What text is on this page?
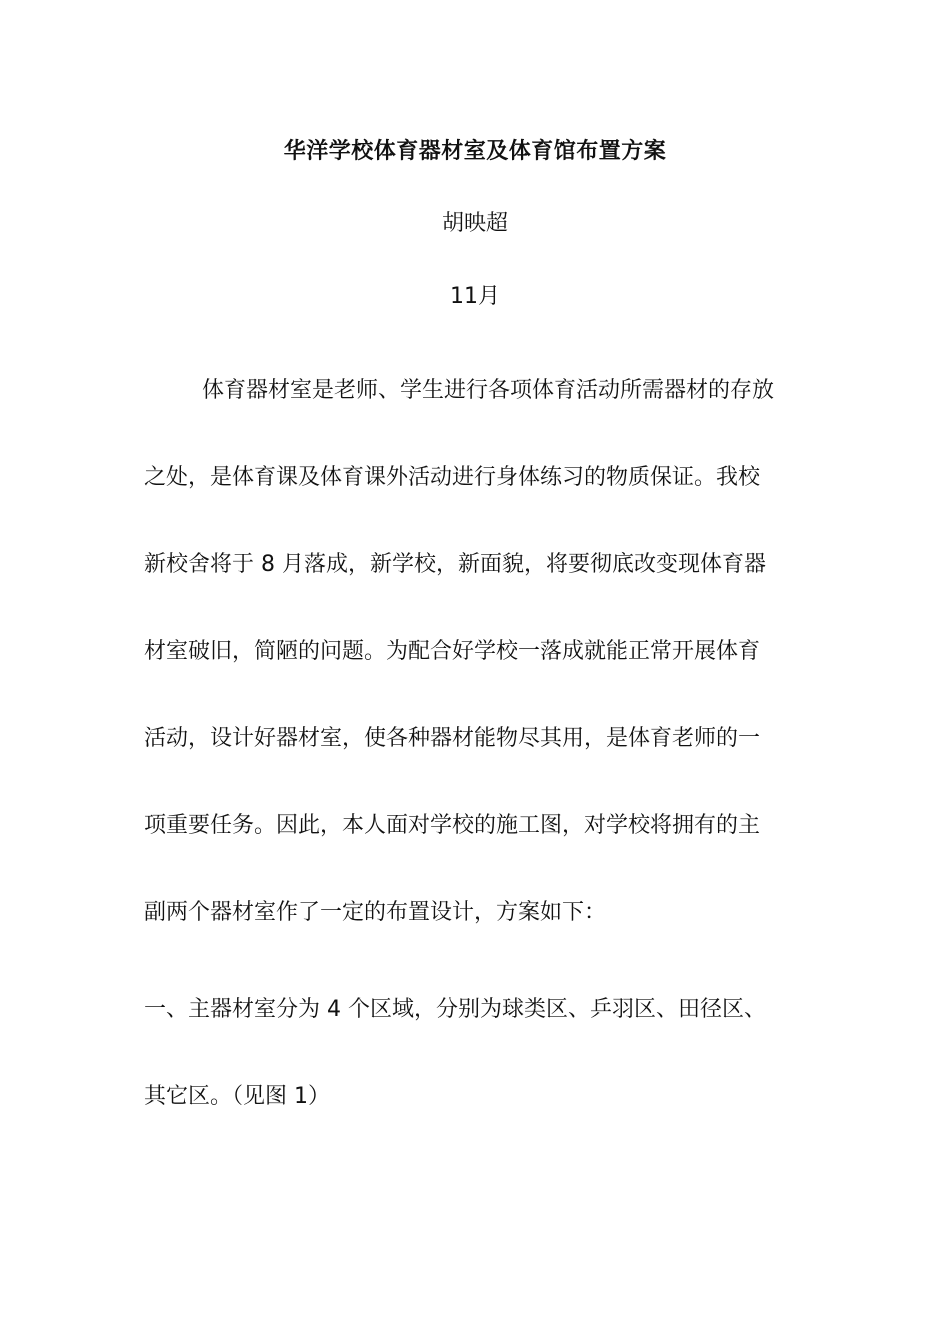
华洋学校体育器材室及体育馆布置方案
胡映超
11月
体育器材室是老师、学生进行各项体育活动所需器材的存放
之处，是体育课及体育课外活动进行身体练习的物质保证。我校
新校舍将于 8 月落成，新学校，新面貌，将要彻底改变现体育器
材室破旧，简陋的问题。为配合好学校一落成就能正常开展体育
活动，设计好器材室，使各种器材能物尽其用，是体育老师的一
项重要任务。因此，本人面对学校的施工图，对学校将拥有的主
副两个器材室作了一定的布置设计，方案如下：
一、主器材室分为 4 个区域，分别为球类区、乒羽区、田径区、
其它区。（见图 1）
